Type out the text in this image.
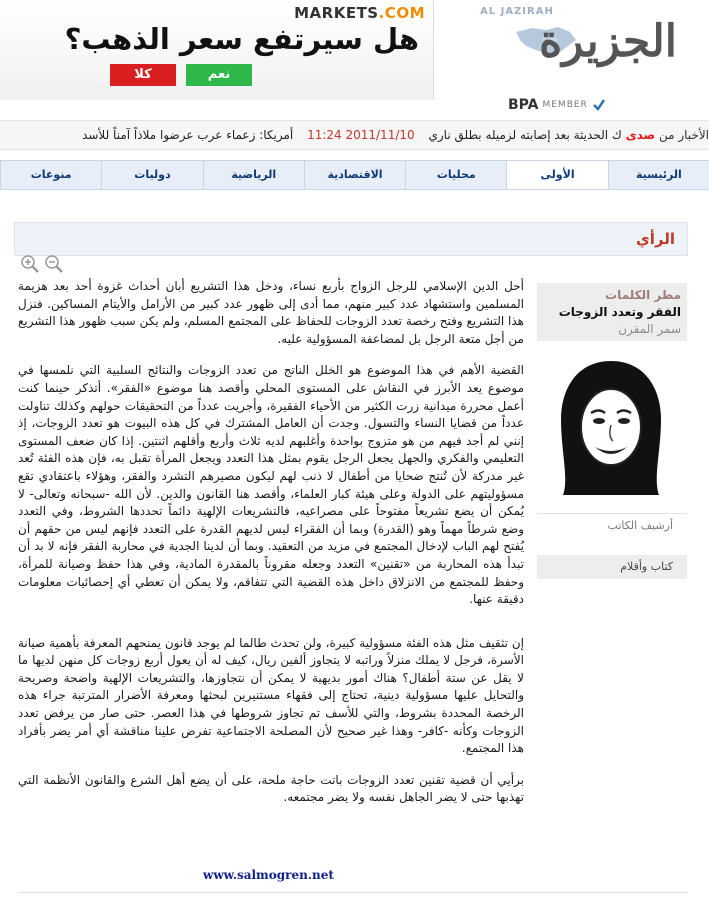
MARKETS.COM
هل سيرتفع سعر الذهب؟
نعم
كلا
AL JAZIRAH
الجزيرة
BPA MEMBER
الأخبار من صدى ك الحديثة بعد إصابته لزميله بطلق ناري 11:24 2011/11/10 أمريكا: زعماء عرب عرضوا ملاذاً آمناً للأسد
الرئيسية
الأولى
محليات
الاقتصادية
الرياضية
دوليات
منوعات
الرأي
مطر الكلمات
الفقر وتعدد الزوجات
سمر المقرن
أرشيف الكاتب
كتاب وأقلام

أحل الدين الإسلامي للرجل الزواج بأربع نساء، ودخل هذا التشريع أبان أحداث غزوة أحد بعد هزيمة المسلمين واستشهاد عدد كبير منهم، مما أدى إلى ظهور عدد كبير من الأرامل والأيتام المساكين. فنزل هذا التشريع وفتح رخصة تعدد الزوجات للحفاظ على المجتمع المسلم، ولم يكن سبب ظهور هذا التشريع من أجل متعة الرجل بل لمضاعفة المسؤولية عليه.

القضية الأهم في هذا الموضوع هو الخلل الناتج من تعدد الزوجات والنتائج السلبية التي نلمسها في موضوع يعد الأبرز في النقاش على المستوى المحلي وأقصد هنا موضوع «الفقر». أتذكر حينما كنت أعمل محررة ميدانية زرت الكثير من الأحياء الفقيرة، وأجريت عدداً من التحقيقات حولهم وكذلك تناولت عدداً من قضايا النساء والتسول. وجدت أن العامل المشترك في كل هذه البيوت هو تعدد الزوجات، إذ إنني لم أجد فيهم من هو متزوج بواحدة وأغلبهم لديه ثلاث وأربع وأقلهم اثنتين. إذا كان ضعف المستوى التعليمي والفكري والجهل يجعل الرجل يقوم بمثل هذا التعدد ويجعل المرأة تقبل به، فإن هذه الفئة تُعد غير مدركة لأن تُنتج ضحايا من أطفال لا ذنب لهم ليكون مصيرهم التشرد والفقر، وهؤلاء باعتقادي تقع مسؤوليتهم على الدولة وعلى هيئة كبار العلماء، وأقصد هنا القانون والدين. لأن الله -سبحانه وتعالى- لا يُمكن أن يضع تشريعاً مفتوحاً على مصراعيه، فالتشريعات الإلهية دائماً تحددها الشروط، وفي التعدد وضع شرطاً مهماً وهو (القدرة) وبما أن الفقراء ليس لديهم القدرة على التعدد فإنهم ليس من حقهم أن يُفتح لهم الباب لإدخال المجتمع في مزيد من التعقيد. وبما أن لدينا الجدية في محاربة الفقر فإنه لا بد أن تبدأ هذه المحاربة من «تقنين» التعدد وجعله مقروناً بالمقدرة المادية، وفي هذا حفظ وصيانة للمرأة، وحفظ للمجتمع من الانزلاق داخل هذه القضية التي تتفاقم، ولا يمكن أن تعطي أي إحصائيات معلومات دقيقة عنها.

إن تثقيف مثل هذه الفئة مسؤولية كبيرة، ولن تحدث طالما لم يوجد قانون يمنحهم المعرفة بأهمية صيانة الأسرة، فرجل لا يملك منزلاً وراتبه لا يتجاوز ألفين ريال، كيف له أن يعول أربع زوجات كل منهن لديها ما لا يقل عن ستة أطفال؟ هناك أمور بديهية لا يمكن أن نتجاوزها، والتشريعات الإلهية واضحة وصريحة والتحايل عليها مسؤولية دينية، تحتاج إلى فقهاء مستنيرين لبحثها ومعرفة الأضرار المترتبة جراء هذه الرخصة المحددة بشروط، والتي للأسف تم تجاوز شروطها في هذا العصر. حتى صار من يرفض تعدد الزوجات وكأنه -كافر- وهذا غير صحيح لأن المصلحة الاجتماعية تفرض علينا مناقشة أي أمر يضر بأفراد هذا المجتمع.

برأيي أن قضية تقنين تعدد الزوجات باتت حاجة ملحة، على أن يضع أهل الشرع والقانون الأنظمة التي تهذبها حتى لا يضر الجاهل نفسه ولا يضر مجتمعه.

www.salmogren.net
